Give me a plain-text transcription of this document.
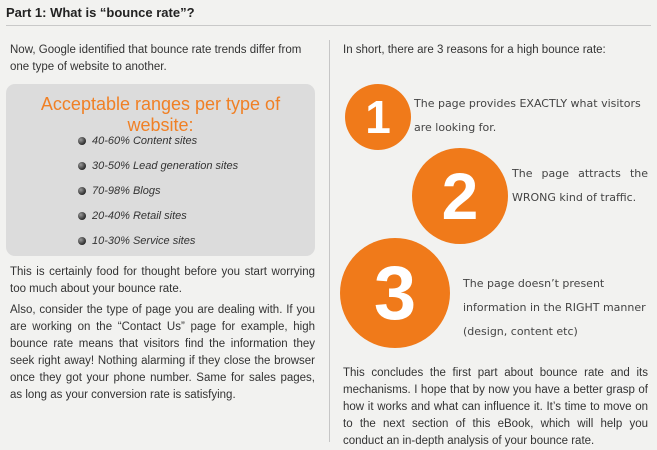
Part 1: What is “bounce rate”?
Now, Google identified that bounce rate trends differ from one type of website to another.
Acceptable ranges per type of website:
40-60% Content sites
30-50% Lead generation sites
70-98% Blogs
20-40% Retail sites
10-30% Service sites
This is certainly food for thought before you start worrying too much about your bounce rate.
Also, consider the type of page you are dealing with. If you are working on the “Contact Us” page for example, high bounce rate means that visitors find the information they seek right away! Nothing alarming if they close the browser once they got your phone number. Same for sales pages, as long as your conversion rate is satisfying.
In short, there are 3 reasons for a high bounce rate:
1	The page provides EXACTLY what visitors are looking for.
2	The page attracts the WRONG kind of traffic.
3	The page doesn’t present information in the RIGHT manner (design, content etc)
This concludes the first part about bounce rate and its mechanisms. I hope that by now you have a better grasp of how it works and what can influence it. It’s time to move on to the next section of this eBook, which will help you conduct an in-depth analysis of your bounce rate.
